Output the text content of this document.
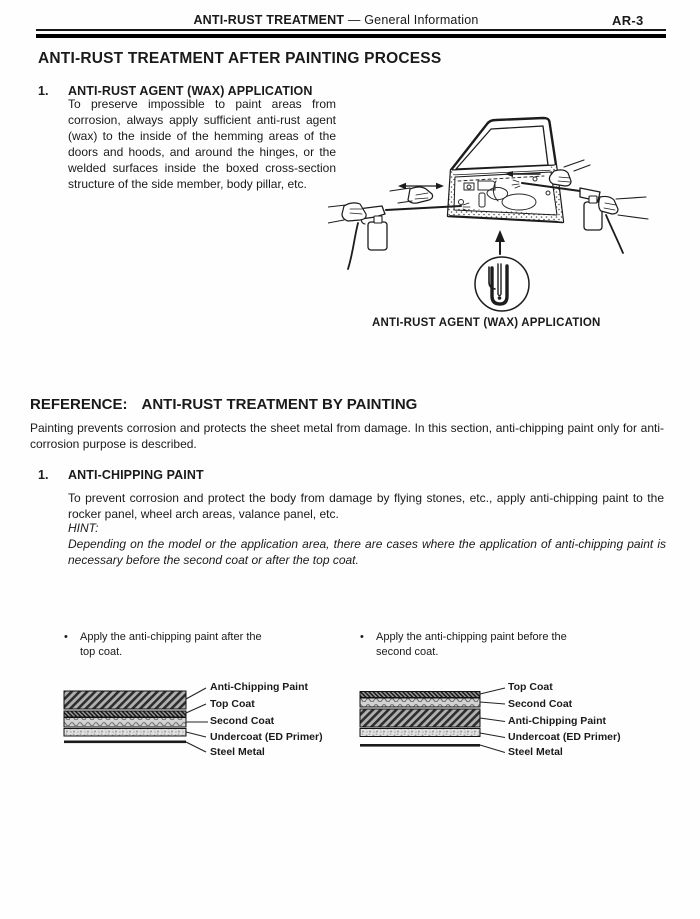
ANTI-RUST TREATMENT — General Information	AR-3
ANTI-RUST TREATMENT AFTER PAINTING PROCESS
1. ANTI-RUST AGENT (WAX) APPLICATION
To preserve impossible to paint areas from corrosion, always apply sufficient anti-rust agent (wax) to the inside of the hemming areas of the doors and hoods, and around the hinges, or the welded surfaces inside the boxed cross-section structure of the side member, body pillar, etc.
ANTI-RUST AGENT (WAX) APPLICATION
REFERENCE: ANTI-RUST TREATMENT BY PAINTING
Painting prevents corrosion and protects the sheet metal from damage. In this section, anti-chipping paint only for anti-corrosion purpose is described.
1. ANTI-CHIPPING PAINT
To prevent corrosion and protect the body from damage by flying stones, etc., apply anti-chipping paint to the rocker panel, wheel arch areas, valance panel, etc.
HINT:
Depending on the model or the application area, there are cases where the application of anti-chipping paint is necessary before the second coat or after the top coat.
•	Apply the anti-chipping paint after the top coat.
•	Apply the anti-chipping paint before the second coat.
Anti-Chipping Paint
Top Coat
Second Coat
Undercoat (ED Primer)
Steel Metal
Top Coat
Second Coat
Anti-Chipping Paint
Undercoat (ED Primer)
Steel Metal
